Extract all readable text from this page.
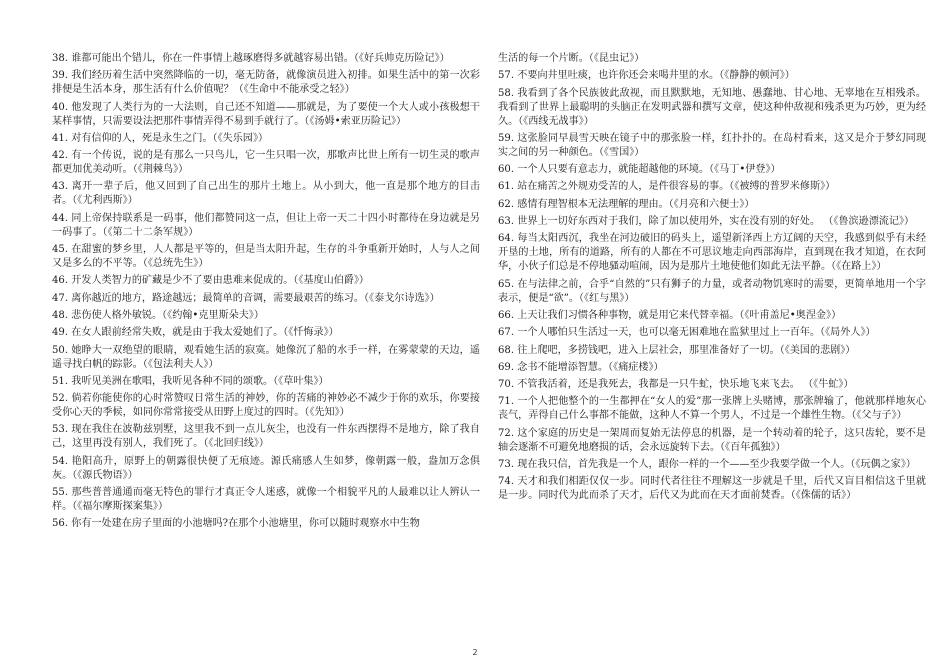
38. 谁都可能出个错儿，你在一件事情上越琢磨得多就越容易出错。（《好兵帅克历险记》）

39. 我们经历着生活中突然降临的一切，毫无防备，就像演员进入初排。如果生活中的第一次彩排便是生活本身，那生活有什么价值呢？（《生命中不能承受之轻》）

40. 他发现了人类行为的一大法则，自己还不知道——那就是，为了要使一个大人或小孩极想干某样事情，只需要设法把那件事情弄得不易到手就行了。（《汤姆•索亚历险记》）

41. 对有信仰的人，死是永生之门。（《失乐园》）

42. 有一个传说，说的是有那么一只鸟儿，它一生只唱一次，那歌声比世上所有一切生灵的歌声都更加优美动听。（《荆棘鸟》）

43. 离开一辈子后，他又回到了自己出生的那片土地上。从小到大，他一直是那个地方的目击者。（《尤利西斯》）

44. 同上帝保持联系是一码事，他们都赞同这一点，但让上帝一天二十四小时都待在身边就是另一码事了。（《第二十二条军规》）

45. 在甜蜜的梦乡里，人人都是平等的，但是当太阳升起，生存的斗争重新开始时，人与人之间又是多么的不平等。（《总统先生》）

46. 开发人类智力的矿藏是少不了要由患难来促成的。（《基度山伯爵》）

47. 离你越近的地方，路途越远；最简单的音调，需要最艰苦的练习。（《泰戈尔诗选》）

48. 悲伤使人格外敏锐。（《约翰•克里斯朵夫》）

49. 在女人跟前经常失败，就是由于我太爱她们了。（《忏悔录》）

50. 她睁大一双绝望的眼睛，观看她生活的寂寞。她像沉了船的水手一样，在雾蒙蒙的天边，遥遥寻找白帆的踪影。（《包法利夫人》）

51. 我听见美洲在歌唱，我听见各种不同的颂歌。（《草叶集》）

52. 倘若你能使你的心时常赞叹日常生活的神妙，你的苦痛的神妙必不减少于你的欢乐，你要接受你心天的季候，如同你常常接受从田野上度过的四时。（《先知》）

53. 现在我住在波勒兹别墅，这里我不到一点儿灰尘，也没有一件东西摆得不是地方，除了我自己，这里再没有别人，我们死了。（《北回归线》）

54. 艳阳高升，原野上的朝露很快便了无痕迹。源氏痛感人生如梦，像朝露一般，盎加万念俱灰。（《源氏物语》）

55. 那些普普通通而毫无特色的罪行才真正令人迷惑，就像一个相貌平凡的人最难以让人辨认一样。（《福尔摩斯探案集》）

56. 你有一处建在房子里面的小池塘吗?在那个小池塘里，你可以随时观察水中生物

生活的每一个片断。（《昆虫记》）

57. 不要向井里吐痰，也许你还会来喝井里的水。（《静静的顿河》）

58. 我看到了各个民族彼此敌视，而且默默地，无知地、愚蠢地、甘心地、无辜地在互相残杀。我看到了世界上最聪明的头脑正在发明武器和撰写文章，使这种仲敌视和残杀更为巧妙，更为经久。（《西线无战事》）

59. 这张脸同早晨雪天映在镜子中的那张脸一样，红扑扑的。在岛村看来，这又是介于梦幻同现实之间的另一种颜色。（《雪国》）

60. 一个人只要有意志力，就能超越他的环境。（《马丁•伊登》）

61. 站在痛苦之外规劝受苦的人，是件很容易的事。（《被缚的普罗米修斯》）

62. 感情有理智根本无法理解的理由。（《月亮和六便士》）

63. 世界上一切好东西对于我们，除了加以使用外，实在没有别的好处。 （《鲁滨逊漂流记》）

64. 每当太阳西沉，我坐在河边破旧的码头上，遥望新泽西上方辽阔的天空，我感到似乎有未经开垦的土地，所有的道路，所有的人都在不可思议地走向西部海岸，直到现在我才知道，在衣阿华，小伙子们总是不停地骚动喧闹，因为是那片土地使他们如此无法平静。（《在路上》）

65. 在与法律之前，合乎“自然的”只有狮子的力量，或者动物饥寒时的需要，更简单地用一个字表示，便是“欲”。（《红与黑》）

66. 上天让我们习惯各种事物，就是用它来代替幸福。（《叶甫盖尼•奥涅金》）

67. 一个人哪怕只生活过一天，也可以毫无困难地在监狱里过上一百年。（《局外人》）

68. 往上爬吧，多捞钱吧，进入上层社会，那里准备好了一切。（《美国的悲剧》）

69. 念书不能增添智慧。（《痛症楼》）

70. 不管我活着，还是我死去，我都是一只牛虻，快乐地飞来飞去。 （《牛虻》）

71. 一个人把他整个的一生都押在“女人的爱”那一张牌上头赌博，那张牌输了，他就那样地灰心丧气，弄得自己什么事都不能做，这种人不算一个男人，不过是一个雄性生物。（《父与子》）

72. 这个家庭的历史是一架周而复始无法停息的机器，是一个转动着的轮子，这只齿轮，要不是轴会逐渐不可避免地磨损的话，会永远旋转下去。（《百年孤独》）

73. 现在我只信，首先我是一个人，跟你一样的一个——至少我要学做一个人。（《玩偶之家》）

74. 天才和我们相距仅仅一步。同时代者往往不理解这一步就是千里，后代又盲目相信这千里就是一步。同时代为此而杀了天才，后代又为此而在天才面前焚香。（《侏儒的话》）

2
